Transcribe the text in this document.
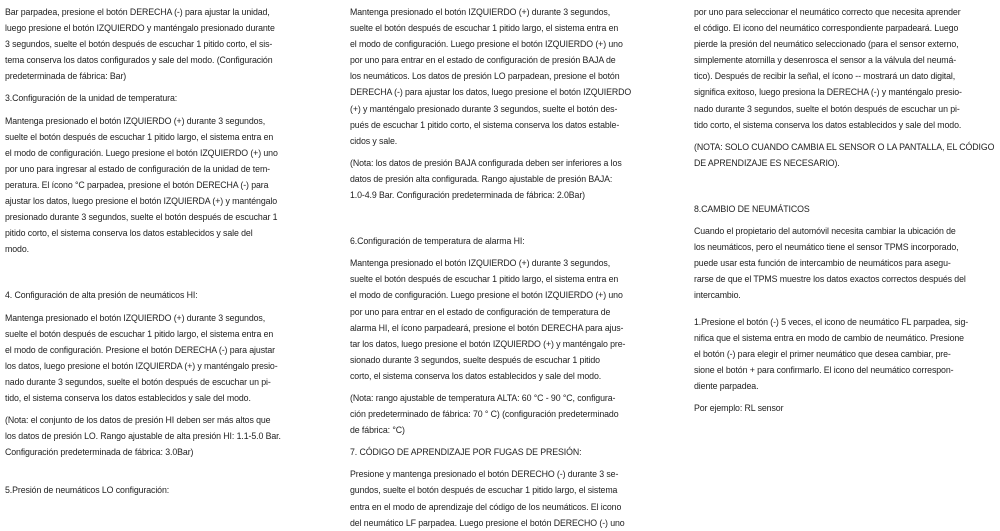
Bar parpadea, presione el botón DERECHA (-) para ajustar la unidad,
luego presione el botón IZQUIERDO y manténgalo presionado durante
3 segundos, suelte el botón después de escuchar 1 pitido corto, el sis-
tema conserva los datos configurados y sale del modo. (Configuración
predeterminada de fábrica: Bar)

3.Configuración de la unidad de temperatura:

Mantenga presionado el botón IZQUIERDO (+) durante 3 segundos,
suelte el botón después de escuchar 1 pitido largo, el sistema entra en
el modo de configuración. Luego presione el botón IZQUIERDO (+) uno
por uno para ingresar al estado de configuración de la unidad de tem-
peratura. El ícono °C parpadea, presione el botón DERECHA (-) para
ajustar los datos, luego presione el botón IZQUIERDA (+) y manténgalo
presionado durante 3 segundos, suelte el botón después de escuchar 1
pitido corto, el sistema conserva los datos establecidos y sale del
modo.

4. Configuración de alta presión de neumáticos HI:

Mantenga presionado el botón IZQUIERDO (+) durante 3 segundos,
suelte el botón después de escuchar 1 pitido largo, el sistema entra en
el modo de configuración. Presione el botón DERECHA (-) para ajustar
los datos, luego presione el botón IZQUIERDA (+) y manténgalo presio-
nado durante 3 segundos, suelte el botón después de escuchar un pi-
tido, el sistema conserva los datos establecidos y sale del modo.

(Nota: el conjunto de los datos de presión HI deben ser más altos que
los datos de presión LO. Rango ajustable de alta presión HI: 1.1-5.0 Bar.
Configuración predeterminada de fábrica: 3.0Bar)

5.Presión de neumáticos LO configuración:

Mantenga presionado el botón IZQUIERDO (+) durante 3 segundos,
suelte el botón después de escuchar 1 pitido largo, el sistema entra en
el modo de configuración. Luego presione el botón IZQUIERDO (+) uno
por uno para entrar en el estado de configuración de presión BAJA de
los neumáticos. Los datos de presión LO parpadean, presione el botón
DERECHA (-) para ajustar los datos, luego presione el botón IZQUIERDO
(+) y manténgalo presionado durante 3 segundos, suelte el botón des-
pués de escuchar 1 pitido corto, el sistema conserva los datos estable-
cidos y sale.

(Nota: los datos de presión BAJA configurada deben ser inferiores a los
datos de presión alta configurada. Rango ajustable de presión BAJA:
1.0-4.9 Bar. Configuración predeterminada de fábrica: 2.0Bar)

6.Configuración de temperatura de alarma HI:

Mantenga presionado el botón IZQUIERDO (+) durante 3 segundos,
suelte el botón después de escuchar 1 pitido largo, el sistema entra en
el modo de configuración. Luego presione el botón IZQUIERDO (+) uno
por uno para entrar en el estado de configuración de temperatura de
alarma HI, el ícono parpadeará, presione el botón DERECHA para ajus-
tar los datos, luego presione el botón IZQUIERDO (+) y manténgalo pre-
sionado durante 3 segundos, suelte después de escuchar 1 pitido
corto, el sistema conserva los datos establecidos y sale del modo.

(Nota: rango ajustable de temperatura ALTA: 60 °C - 90 °C, configura-
ción predeterminado de fábrica: 70 ° C) (configuración predeterminado
de fábrica: °C)

7. CÓDIGO DE APRENDIZAJE POR FUGAS DE PRESIÓN:

Presione y mantenga presionado el botón DERECHO (-) durante 3 se-
gundos, suelte el botón después de escuchar 1 pitido largo, el sistema
entra en el modo de aprendizaje del código de los neumáticos. El icono
del neumático LF parpadea. Luego presione el botón DERECHO (-) uno

por uno para seleccionar el neumático correcto que necesita aprender
el código. El icono del neumático correspondiente parpadeará. Luego
pierde la presión del neumático seleccionado (para el sensor externo,
simplemente atornilla y desenrosca el sensor a la válvula del neumá-
tico). Después de recibir la señal, el ícono -- mostrará un dato digital,
significa exitoso, luego presiona la DERECHA (-) y manténgalo presio-
nado durante 3 segundos, suelte el botón después de escuchar un pi-
tido corto, el sistema conserva los datos establecidos y sale del modo.

(NOTA: SOLO CUANDO CAMBIA EL SENSOR O LA PANTALLA, EL CÓDIGO
DE APRENDIZAJE ES NECESARIO).

8.CAMBIO DE NEUMÁTICOS

Cuando el propietario del automóvil necesita cambiar la ubicación de
los neumáticos, pero el neumático tiene el sensor TPMS incorporado,
puede usar esta función de intercambio de neumáticos para asegu-
rarse de que el TPMS muestre los datos exactos correctos después del
intercambio.

1.Presione el botón (-) 5 veces, el icono de neumático FL parpadea, sig-
nifica que el sistema entra en modo de cambio de neumático. Presione
el botón (-) para elegir el primer neumático que desea cambiar, pre-
sione el botón + para confirmarlo. El icono del neumático correspon-
diente parpadea.

Por ejemplo: RL sensor
